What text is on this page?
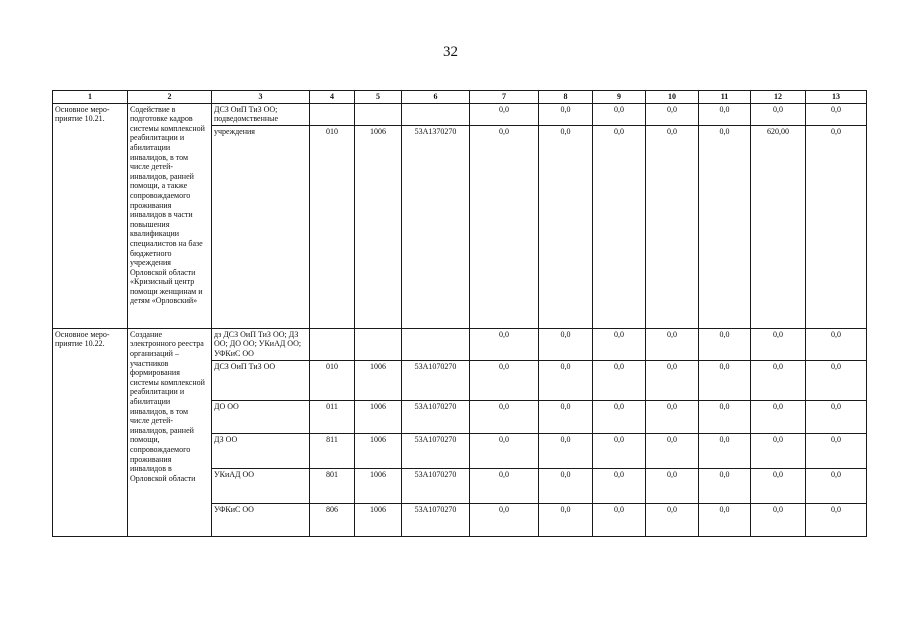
32
1	2	3	4	5	6	7	8	9	10	11	12	13
Основное меро-приятие 10.21.	Содействие в подготовке кадров системы комплексной реабилитации и абилитации инвалидов, в том числе детей-инвалидов, ранней помощи, а также сопровождаемого проживания инвалидов в части повышения квалификации специалистов на базе бюджетного учреждения Орловской области «Кризисный центр помощи женщинам и детям «Орловский»	ДСЗ ОиП ТиЗ ОО; подведомственные				0,0	0,0	0,0	0,0	0,0	0,0	0,0
		учреждения	010	1006	53А1370270	0,0	0,0	0,0	0,0	0,0	620,00	0,0
Основное меро-приятие 10.22.	Создание электронного реестра организаций – участников формирования системы комплексной реабилитации и абилитации инвалидов, в том числе детей-инвалидов, ранней помощи, сопровождаемого проживания инвалидов в Орловской области	дз ДСЗ ОиП ТиЗ ОО; ДЗ ОО; ДО ОО; УКиАД ОО; УФКиС ОО				0,0	0,0	0,0	0,0	0,0	0,0	0,0
		ДСЗ ОиП ТиЗ ОО	010	1006	53А1070270	0,0	0,0	0,0	0,0	0,0	0,0	0,0
		ДО ОО	011	1006	53А1070270	0,0	0,0	0,0	0,0	0,0	0,0	0,0
		ДЗ ОО	811	1006	53А1070270	0,0	0,0	0,0	0,0	0,0	0,0	0,0
		УКиАД ОО	801	1006	53А1070270	0,0	0,0	0,0	0,0	0,0	0,0	0,0
		УФКиС ОО	806	1006	53А1070270	0,0	0,0	0,0	0,0	0,0	0,0	0,0
